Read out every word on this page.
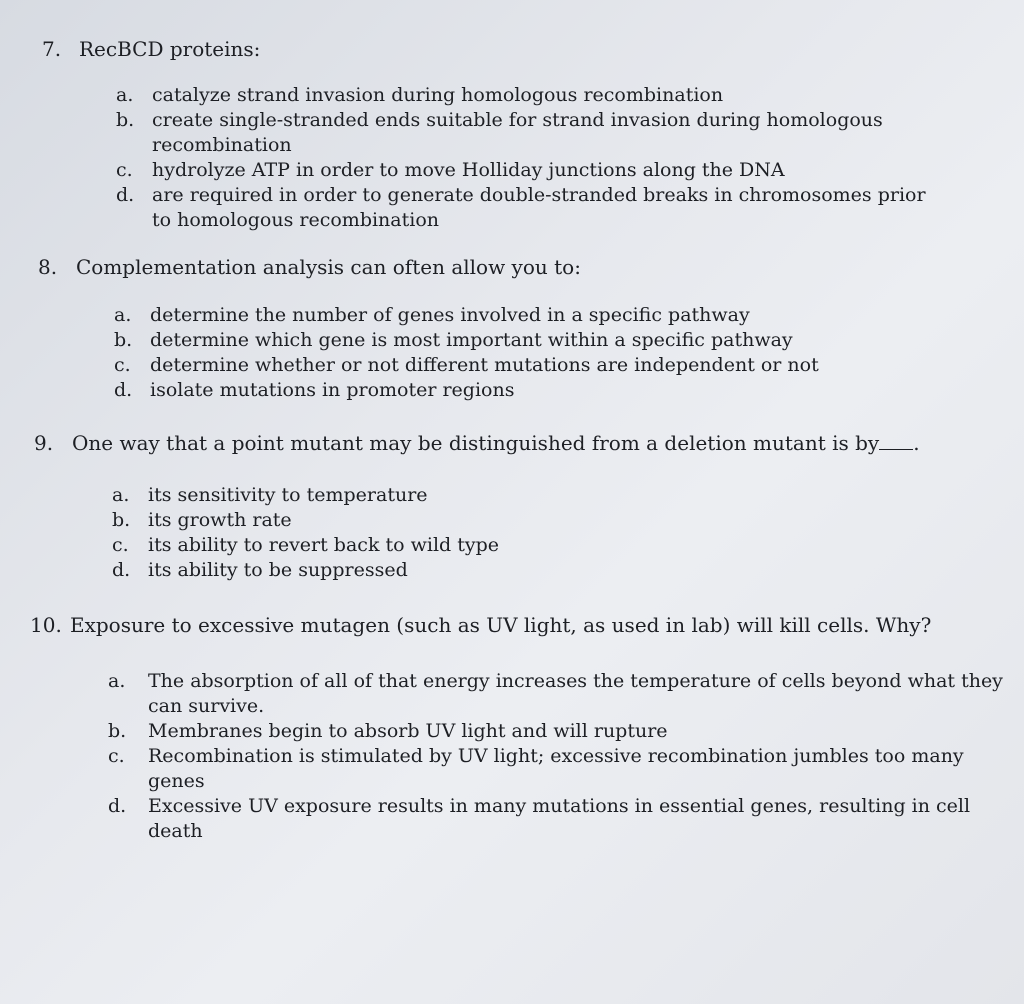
7. RecBCD proteins:
a. catalyze strand invasion during homologous recombination
b. create single-stranded ends suitable for strand invasion during homologous recombination
c.	hydrolyze ATP in order to move Holliday junctions along the DNA
d. are required in order to generate double-stranded breaks in chromosomes prior to homologous recombination
8. Complementation analysis can often allow you to:
a. determine the number of genes involved in a specific pathway
b. determine which gene is most important within a specific pathway
c.	determine whether or not different mutations are independent or not
d. isolate mutations in promoter regions
9. One way that a point mutant may be distinguished from a deletion mutant is by .
a. its sensitivity to temperature
b. its growth rate
c.	its ability to revert back to wild type
d. its ability to be suppressed
10. Exposure to excessive mutagen (such as UV light, as used in lab) will kill cells. Why?
a.	The absorption of all of that energy increases the temperature of cells beyond what they can survive.
b.	Membranes begin to absorb UV light and will rupture
c.	Recombination is stimulated by UV light; excessive recombination jumbles too many genes
d.	Excessive UV exposure results in many mutations in essential genes, resulting in cell death
